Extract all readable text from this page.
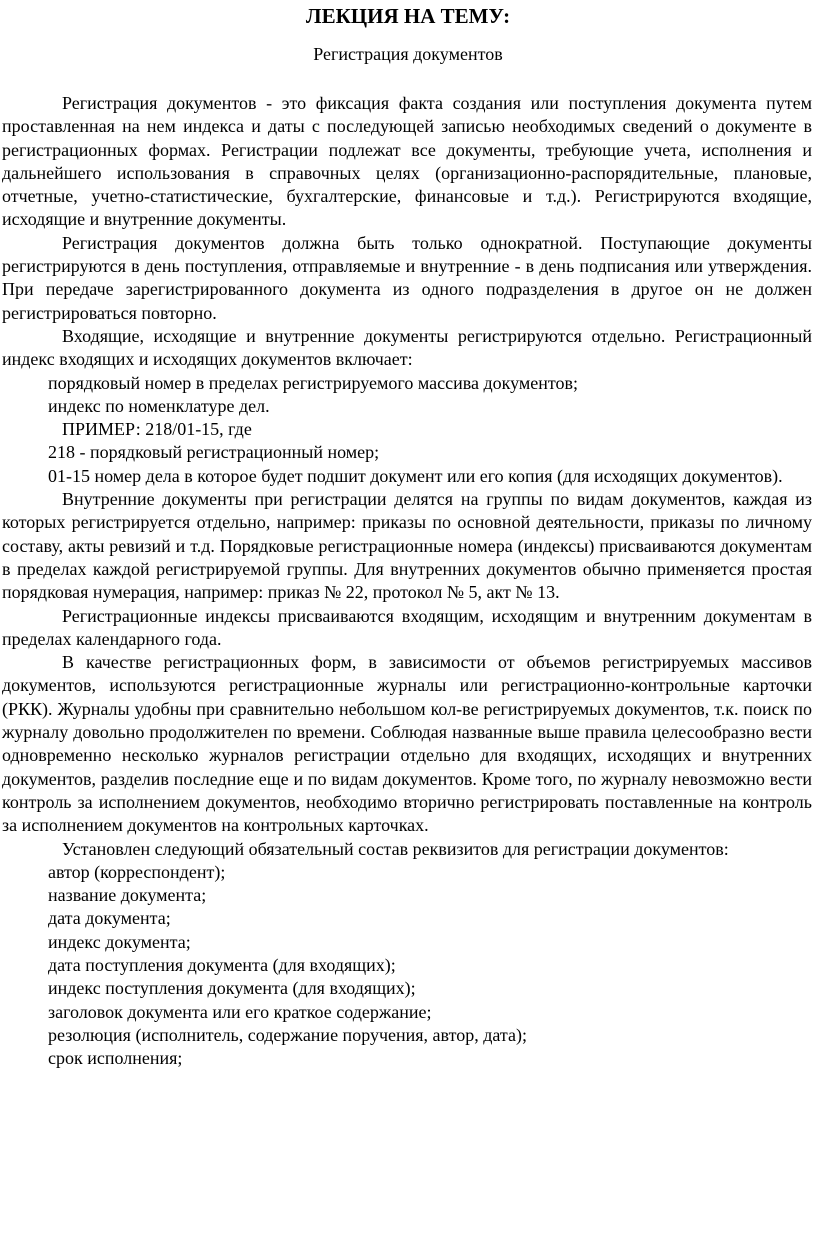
ЛЕКЦИЯ НА ТЕМУ:

Регистрация документов

Регистрация документов - это фиксация факта создания или поступления документа путем проставленная на нем индекса и даты с последующей записью необходимых сведений о документе в регистрационных формах. Регистрации подлежат все документы, требующие учета, исполнения и дальнейшего использования в справочных целях (организационно-распорядительные, плановые, отчетные, учетно-статистические, бухгалтерские, финансовые и т.д.). Регистрируются входящие, исходящие и внутренние документы.

Регистрация документов должна быть только однократной. Поступающие документы регистрируются в день поступления, отправляемые и внутренние - в день подписания или утверждения. При передаче зарегистрированного документа из одного подразделения в другое он не должен регистрироваться повторно.

Входящие, исходящие и внутренние документы регистрируются отдельно. Регистрационный индекс входящих и исходящих документов включает:

порядковый номер в пределах регистрируемого массива документов;

индекс по номенклатуре дел.

ПРИМЕР: 218/01-15, где

218 - порядковый регистрационный номер;

01-15 номер дела в которое будет подшит документ или его копия (для исходящих документов).

Внутренние документы при регистрации делятся на группы по видам документов, каждая из которых регистрируется отдельно, например: приказы по основной деятельности, приказы по личному составу, акты ревизий и т.д. Порядковые регистрационные номера (индексы) присваиваются документам в пределах каждой регистрируемой группы. Для внутренних документов обычно применяется простая порядковая нумерация, например: приказ № 22, протокол № 5, акт № 13.

Регистрационные индексы присваиваются входящим, исходящим и внутренним документам в пределах календарного года.

В качестве регистрационных форм, в зависимости от объемов регистрируемых массивов документов, используются регистрационные журналы или регистрационно-контрольные карточки (РКК). Журналы удобны при сравнительно небольшом кол-ве регистрируемых документов, т.к. поиск по журналу довольно продолжителен по времени. Соблюдая названные выше правила целесообразно вести одновременно несколько журналов регистрации отдельно для входящих, исходящих и внутренних документов, разделив последние еще и по видам документов. Кроме того, по журналу невозможно вести контроль за исполнением документов, необходимо вторично регистрировать поставленные на контроль за исполнением документов на контрольных карточках.

Установлен следующий обязательный состав реквизитов для регистрации документов:

автор (корреспондент);

название документа;

дата документа;

индекс документа;

дата поступления документа (для входящих);

индекс поступления документа (для входящих);

заголовок документа или его краткое содержание;

резолюция (исполнитель, содержание поручения, автор, дата);

срок исполнения;
